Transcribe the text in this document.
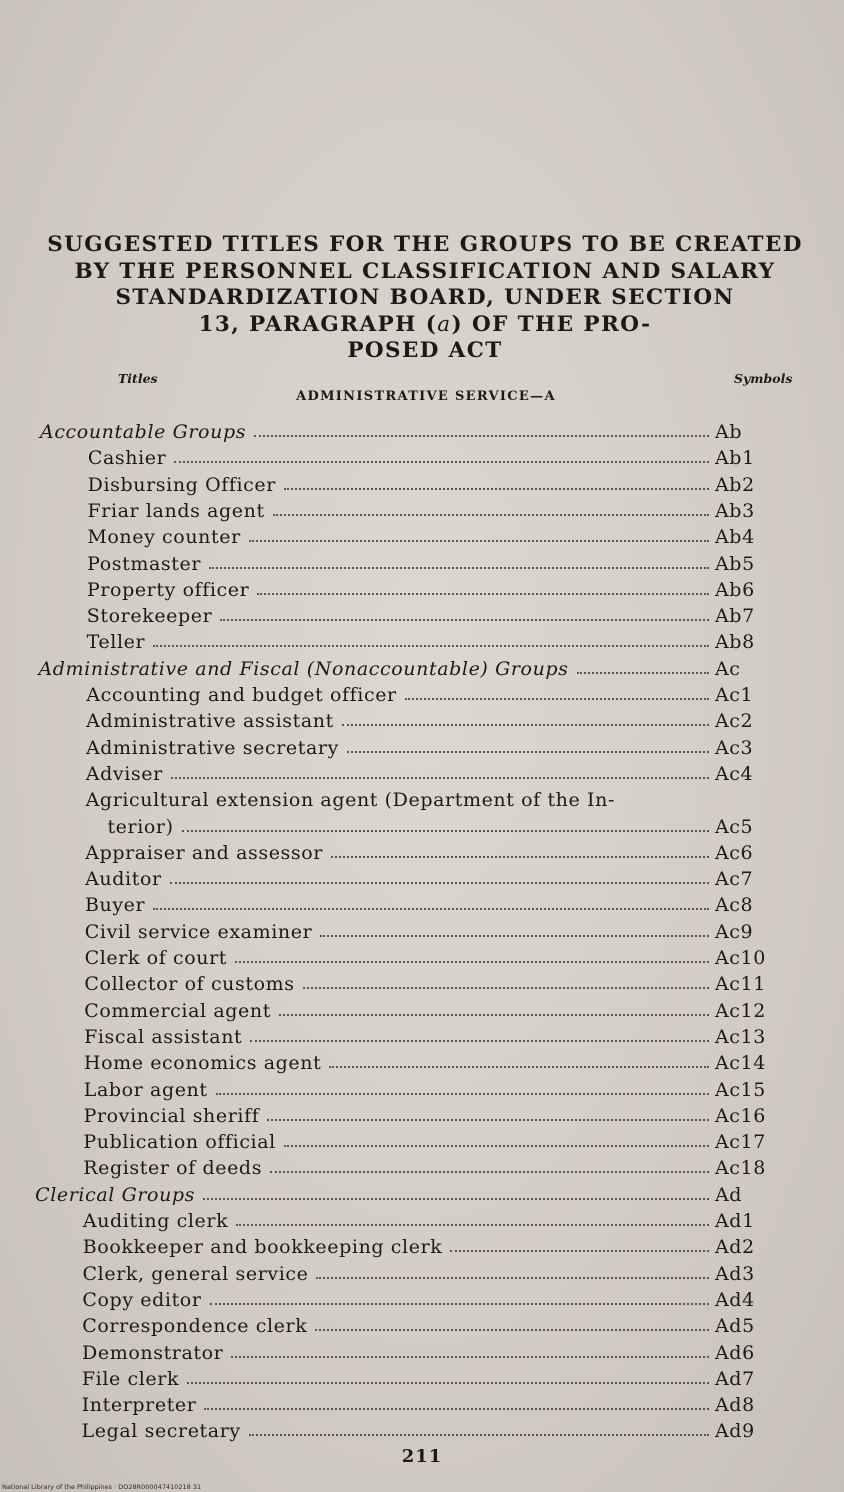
SUGGESTED TITLES FOR THE GROUPS TO BE CREATED
BY THE PERSONNEL CLASSIFICATION AND SALARY
STANDARDIZATION BOARD, UNDER SECTION
13, PARAGRAPH (a) OF THE PRO-
POSED ACT
Titles	Symbols
ADMINISTRATIVE SERVICE—A
Accountable Groups	Ab
Cashier	Ab1
Disbursing Officer	Ab2
Friar lands agent	Ab3
Money counter	Ab4
Postmaster	Ab5
Property officer	Ab6
Storekeeper	Ab7
Teller	Ab8
Administrative and Fiscal (Nonaccountable) Groups	Ac
Accounting and budget officer	Ac1
Administrative assistant	Ac2
Administrative secretary	Ac3
Adviser	Ac4
Agricultural extension agent (Department of the In-
terior)	Ac5
Appraiser and assessor	Ac6
Auditor	Ac7
Buyer	Ac8
Civil service examiner	Ac9
Clerk of court	Ac10
Collector of customs	Ac11
Commercial agent	Ac12
Fiscal assistant	Ac13
Home economics agent	Ac14
Labor agent	Ac15
Provincial sheriff	Ac16
Publication official	Ac17
Register of deeds	Ac18
Clerical Groups	Ad
Auditing clerk	Ad1
Bookkeeper and bookkeeping clerk	Ad2
Clerk, general service	Ad3
Copy editor	Ad4
Correspondence clerk	Ad5
Demonstrator	Ad6
File clerk	Ad7
Interpreter	Ad8
Legal secretary	Ad9
211
National Library of the Philippines · DO28R000047410218 31
